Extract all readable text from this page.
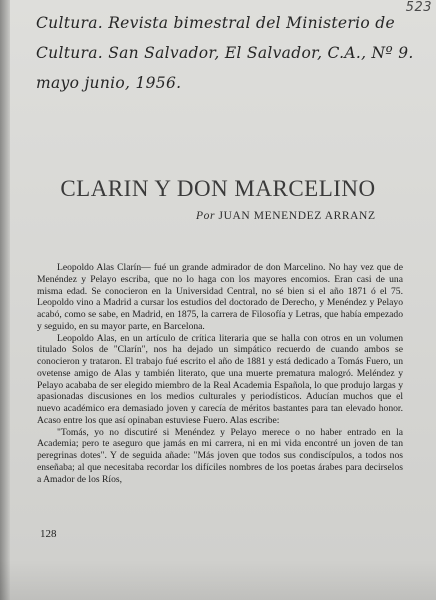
523
Cultura. Revista bimestral del Ministerio de
Cultura. San Salvador, El Salvador, C.A., Nº 9.
mayo junio, 1956.
CLARIN Y DON MARCELINO
Por JUAN MENENDEZ ARRANZ

Leopoldo Alas Clarín— fué un grande admirador de don Marcelino. No hay vez que de Menéndez y Pelayo escriba, que no lo haga con los mayores encomios. Eran casi de una misma edad. Se conocieron en la Universidad Central, no sé bien si el año 1871 ó el 75. Leopoldo vino a Madrid a cursar los estudios del doctorado de Derecho, y Menéndez y Pelayo acabó, como se sabe, en Madrid, en 1875, la carrera de Filosofía y Letras, que había empezado y seguido, en su mayor parte, en Barcelona.

Leopoldo Alas, en un artículo de crítica literaria que se halla con otros en un volumen titulado Solos de "Clarín", nos ha dejado un simpático recuerdo de cuando ambos se conocieron y trataron. El trabajo fué escrito el año de 1881 y está dedicado a Tomás Fuero, un ovetense amigo de Alas y también literato, que una muerte prematura malogró. Meléndez y Pelayo acababa de ser elegido miembro de la Real Academia Española, lo que produjo largas y apasionadas discusiones en los medios culturales y periodísticos. Aducían muchos que el nuevo académico era demasiado joven y carecía de méritos bastantes para tan elevado honor. Acaso entre los que así opinaban estuviese Fuero. Alas escribe:

"Tomás, yo no discutiré si Menéndez y Pelayo merece o no haber entrado en la Academia; pero te aseguro que jamás en mi carrera, ni en mi vida encontré un joven de tan peregrinas dotes". Y de seguida añade: "Más joven que todos sus condiscípulos, a todos nos enseñaba; al que necesitaba recordar los difíciles nombres de los poetas árabes para decirselos a Amador de los Ríos,

128
